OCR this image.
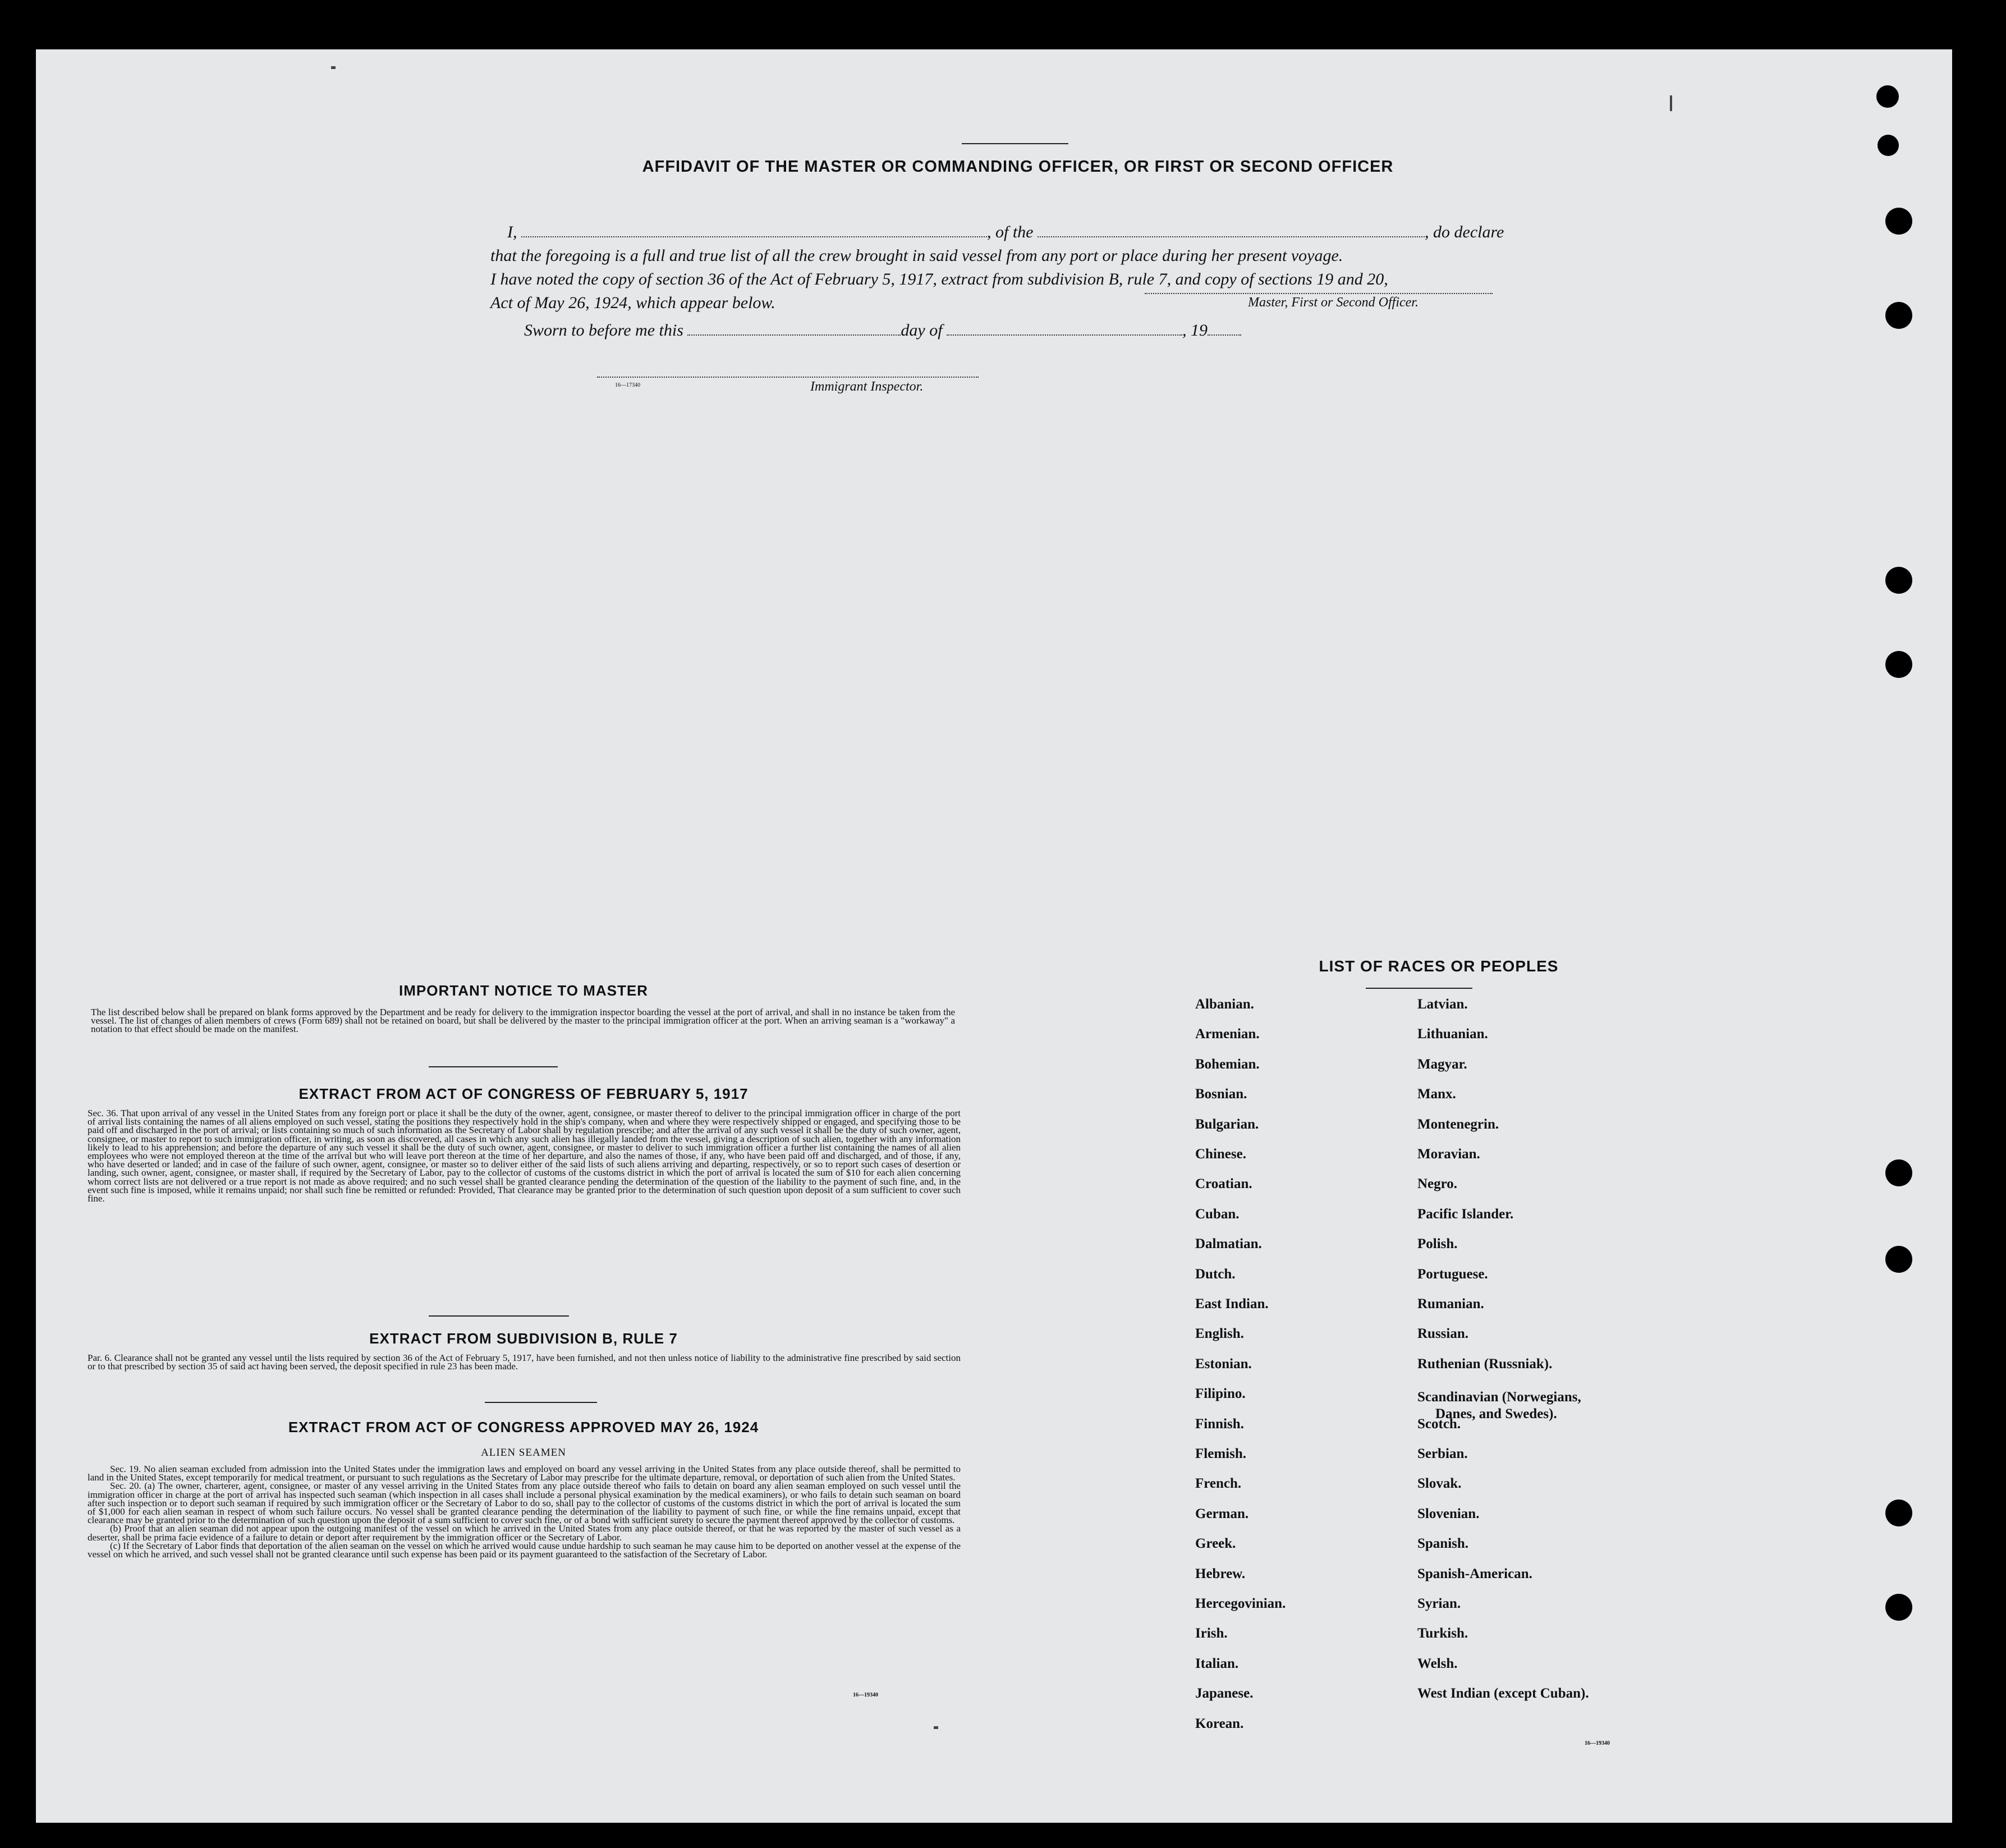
AFFIDAVIT OF THE MASTER OR COMMANDING OFFICER, OR FIRST OR SECOND OFFICER
I,	, of the	, do declare
that the foregoing is a full and true list of all the crew brought in said vessel from any port or place during her present voyage.
I have noted the copy of section 36 of the Act of February 5, 1917, extract from subdivision B, rule 7, and copy of sections 19 and 20,
Act of May 26, 1924, which appear below.	Master, First or Second Officer.
Sworn to before me this	day of	, 19
16—17340	Immigrant Inspector.
IMPORTANT NOTICE TO MASTER
The list described below shall be prepared on blank forms approved by the Department and be ready for delivery to the immigration inspector boarding the vessel at the port of arrival, and shall in no instance be taken from the vessel. The list of changes of alien members of crews (Form 689) shall not be retained on board, but shall be delivered by the master to the principal immigration officer at the port. When an arriving seaman is a "workaway" a notation to that effect should be made on the manifest.
EXTRACT FROM ACT OF CONGRESS OF FEBRUARY 5, 1917
Sec. 36. That upon arrival of any vessel in the United States from any foreign port or place it shall be the duty of the owner, agent, consignee, or master thereof to deliver to the principal immigration officer in charge of the port of arrival lists containing the names of all aliens employed on such vessel, stating the positions they respectively hold in the ship's company, when and where they were respectively shipped or engaged, and specifying those to be paid off and discharged in the port of arrival; or lists containing so much of such information as the Secretary of Labor shall by regulation prescribe; and after the arrival of any such vessel it shall be the duty of such owner, agent, consignee, or master to report to such immigration officer, in writing, as soon as discovered, all cases in which any such alien has illegally landed from the vessel, giving a description of such alien, together with any information likely to lead to his apprehension; and before the departure of any such vessel it shall be the duty of such owner, agent, consignee, or master to deliver to such immigration officer a further list containing the names of all alien employees who were not employed thereon at the time of the arrival but who will leave port thereon at the time of her departure, and also the names of those, if any, who have been paid off and discharged, and of those, if any, who have deserted or landed; and in case of the failure of such owner, agent, consignee, or master so to deliver either of the said lists of such aliens arriving and departing, respectively, or so to report such cases of desertion or landing, such owner, agent, consignee, or master shall, if required by the Secretary of Labor, pay to the collector of customs of the customs district in which the port of arrival is located the sum of $10 for each alien concerning whom correct lists are not delivered or a true report is not made as above required; and no such vessel shall be granted clearance pending the determination of the question of the liability to the payment of such fine, and, in the event such fine is imposed, while it remains unpaid; nor shall such fine be remitted or refunded: Provided, That clearance may be granted prior to the determination of such question upon deposit of a sum sufficient to cover such fine.
EXTRACT FROM SUBDIVISION B, RULE 7
Par. 6. Clearance shall not be granted any vessel until the lists required by section 36 of the Act of February 5, 1917, have been furnished, and not then unless notice of liability to the administrative fine prescribed by said section or to that prescribed by section 35 of said act having been served, the deposit specified in rule 23 has been made.
EXTRACT FROM ACT OF CONGRESS APPROVED MAY 26, 1924
ALIEN SEAMEN
Sec. 19. No alien seaman excluded from admission into the United States under the immigration laws and employed on board any vessel arriving in the United States from any place outside thereof, shall be permitted to land in the United States, except temporarily for medical treatment, or pursuant to such regulations as the Secretary of Labor may prescribe for the ultimate departure, removal, or deportation of such alien from the United States.
Sec. 20. (a) The owner, charterer, agent, consignee, or master of any vessel arriving in the United States from any place outside thereof who fails to detain on board any alien seaman employed on such vessel until the immigration officer in charge at the port of arrival has inspected such seaman (which inspection in all cases shall include a personal physical examination by the medical examiners), or who fails to detain such seaman on board after such inspection or to deport such seaman if required by such immigration officer or the Secretary of Labor to do so, shall pay to the collector of customs of the customs district in which the port of arrival is located the sum of $1,000 for each alien seaman in respect of whom such failure occurs. No vessel shall be granted clearance pending the determination of the liability to payment of such fine, or while the fine remains unpaid, except that clearance may be granted prior to the determination of such question upon the deposit of a sum sufficient to cover such fine, or of a bond with sufficient surety to secure the payment thereof approved by the collector of customs.
(b) Proof that an alien seaman did not appear upon the outgoing manifest of the vessel on which he arrived in the United States from any place outside thereof, or that he was reported by the master of such vessel as a deserter, shall be prima facie evidence of a failure to detain or deport after requirement by the immigration officer or the Secretary of Labor.
(c) If the Secretary of Labor finds that deportation of the alien seaman on the vessel on which he arrived would cause undue hardship to such seaman he may cause him to be deported on another vessel at the expense of the vessel on which he arrived, and such vessel shall not be granted clearance until such expense has been paid or its payment guaranteed to the satisfaction of the Secretary of Labor.
16—19340
LIST OF RACES OR PEOPLES
Albanian.
Armenian.
Bohemian.
Bosnian.
Bulgarian.
Chinese.
Croatian.
Cuban.
Dalmatian.
Dutch.
East Indian.
English.
Estonian.
Filipino.
Finnish.
Flemish.
French.
German.
Greek.
Hebrew.
Hercegovinian.
Irish.
Italian.
Japanese.
Korean.
Latvian.
Lithuanian.
Magyar.
Manx.
Montenegrin.
Moravian.
Negro.
Pacific Islander.
Polish.
Portuguese.
Rumanian.
Russian.
Ruthenian (Russniak).
Scandinavian (Norwegians,
Danes, and Swedes).
Scotch.
Serbian.
Slovak.
Slovenian.
Spanish.
Spanish-American.
Syrian.
Turkish.
Welsh.
West Indian (except Cuban).
16—19340
